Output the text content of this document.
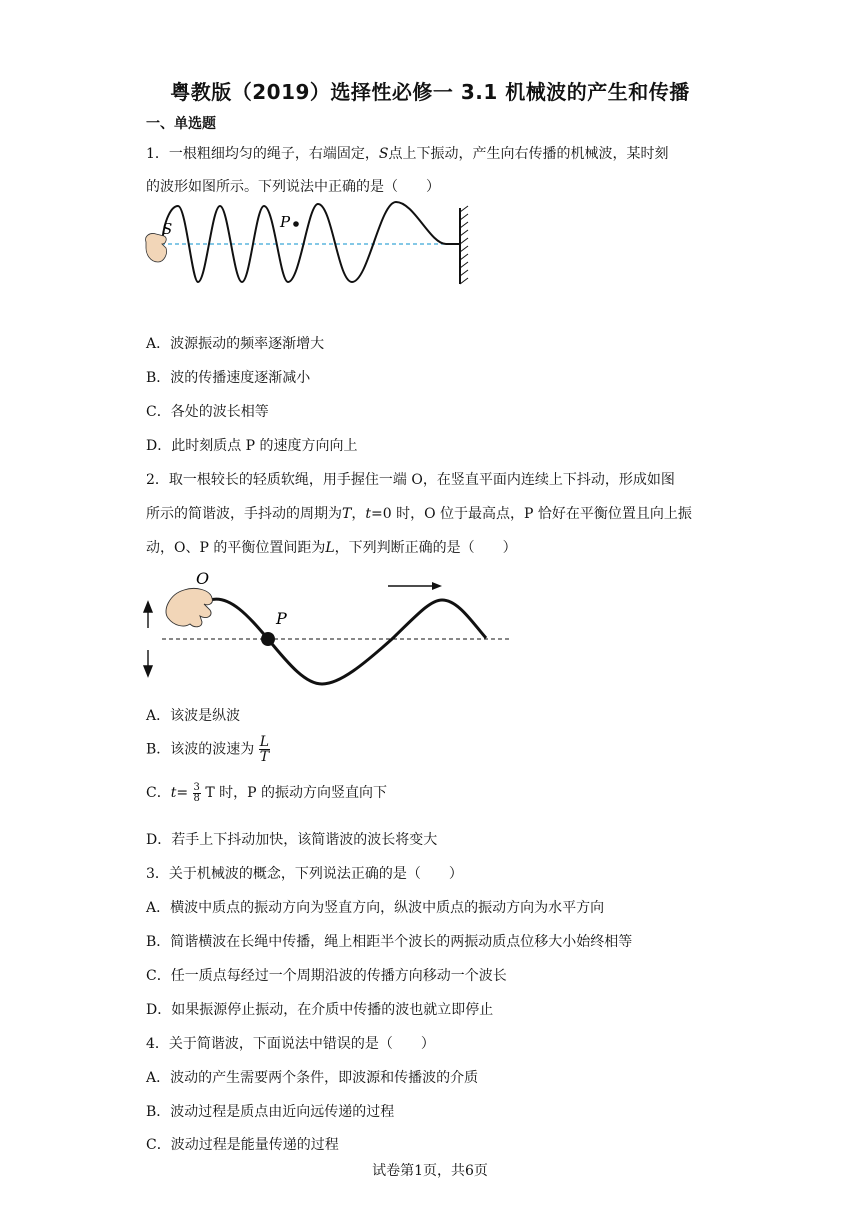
粤教版（2019）选择性必修一 3.1 机械波的产生和传播
一、单选题
1．一根粗细均匀的绳子，右端固定，S点上下振动，产生向右传播的机械波，某时刻
的波形如图所示。下列说法中正确的是（　　）
P
S
A．波源振动的频率逐渐增大
B．波的传播速度逐渐减小
C．各处的波长相等
D．此时刻质点 P 的速度方向向上
2．取一根较长的轻质软绳，用手握住一端 O，在竖直平面内连续上下抖动，形成如图
所示的简谐波，手抖动的周期为T，t=0 时，O 位于最高点，P 恰好在平衡位置且向上振
动，O、P 的平衡位置间距为L，下列判断正确的是（　　）
P
O
A．该波是纵波
B．该波的波速为 $\frac{L}{T}$
C．$t= \frac{3}{8}$ T 时，P 的振动方向竖直向下
D．若手上下抖动加快，该简谐波的波长将变大
3．关于机械波的概念，下列说法正确的是（　　）
A．横波中质点的振动方向为竖直方向，纵波中质点的振动方向为水平方向
B．简谐横波在长绳中传播，绳上相距半个波长的两振动质点位移大小始终相等
C．任一质点每经过一个周期沿波的传播方向移动一个波长
D．如果振源停止振动，在介质中传播的波也就立即停止
4．关于简谐波，下面说法中错误的是（　　）
A．波动的产生需要两个条件，即波源和传播波的介质
B．波动过程是质点由近向远传递的过程
C．波动过程是能量传递的过程
试卷第1页，共6页
